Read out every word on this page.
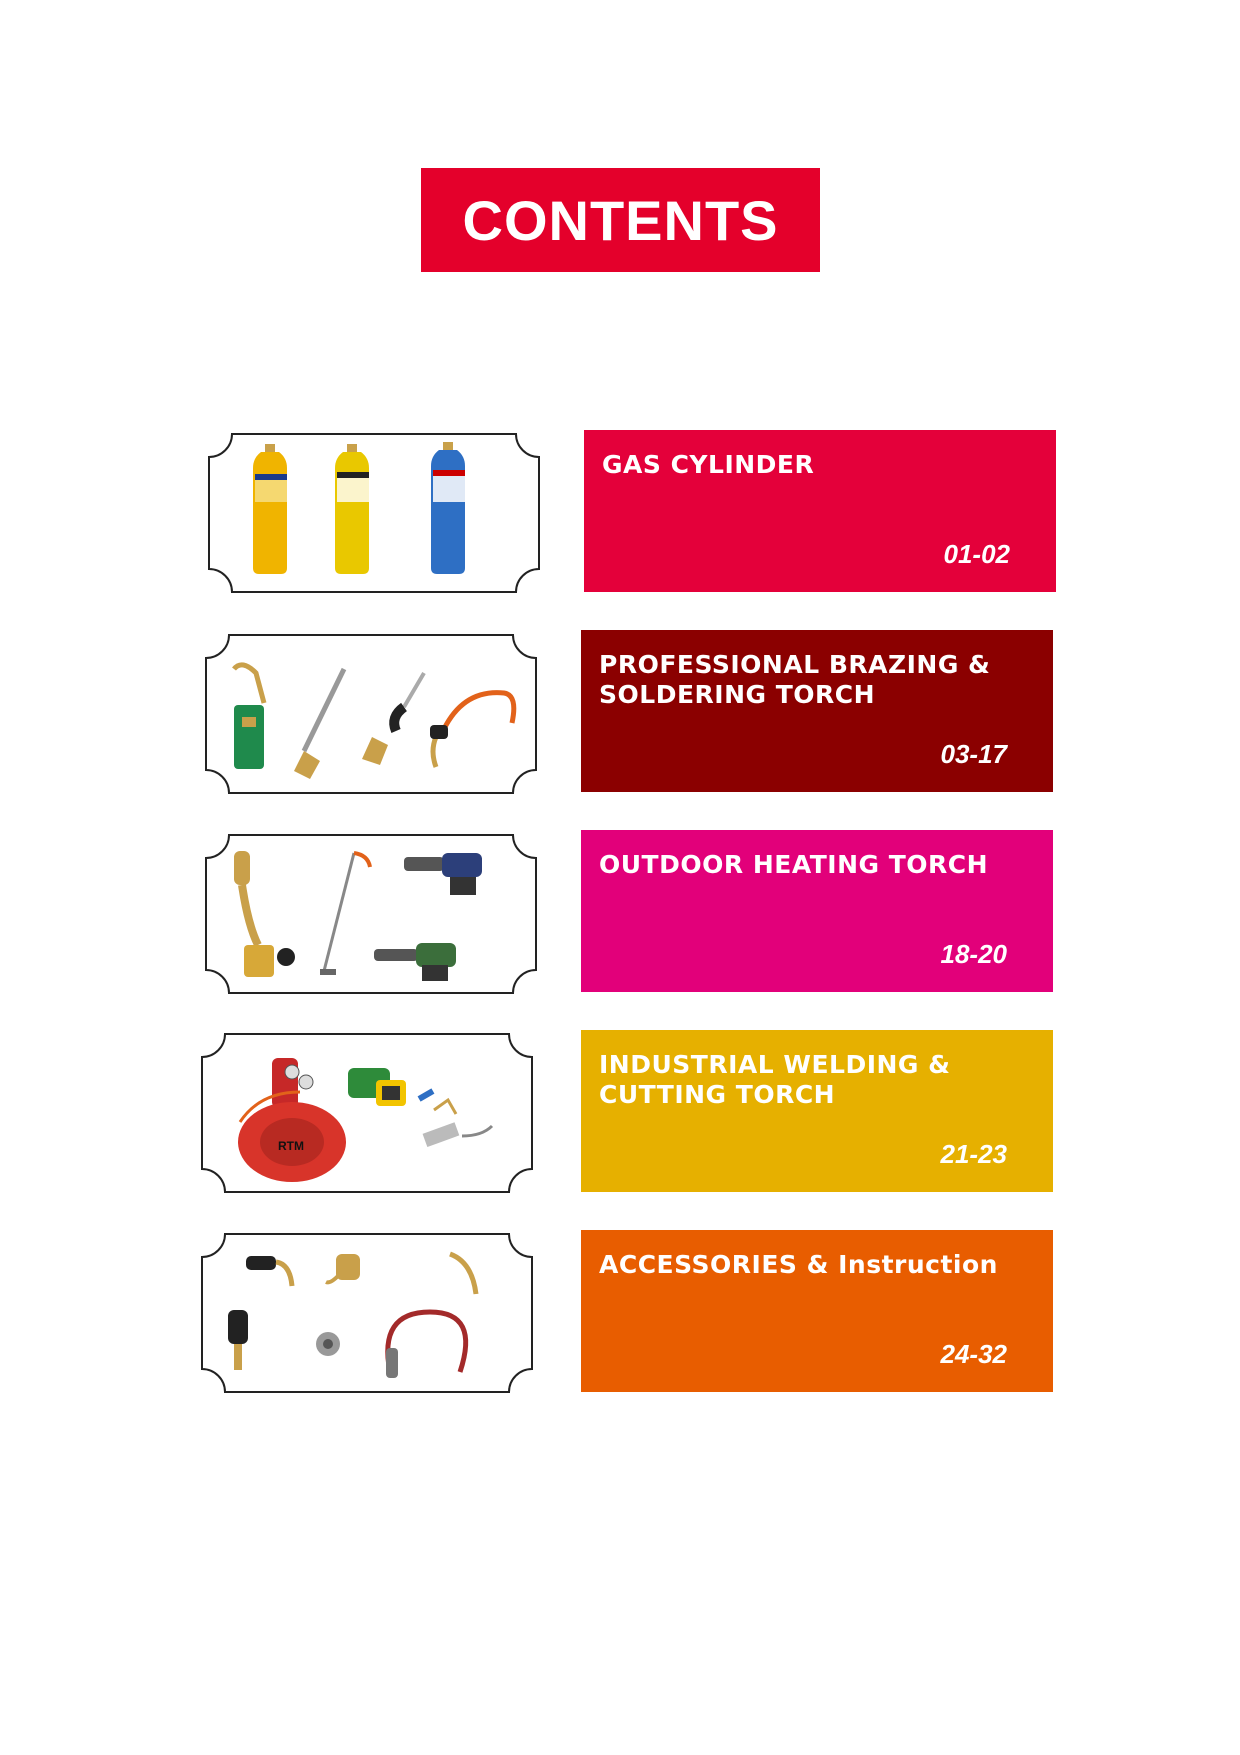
CONTENTS
GAS CYLINDER
01-02
PROFESSIONAL BRAZING &
SOLDERING TORCH
03-17
OUTDOOR HEATING TORCH
18-20
RTM
INDUSTRIAL WELDING &
CUTTING TORCH
21-23
ACCESSORIES & Instruction
24-32
